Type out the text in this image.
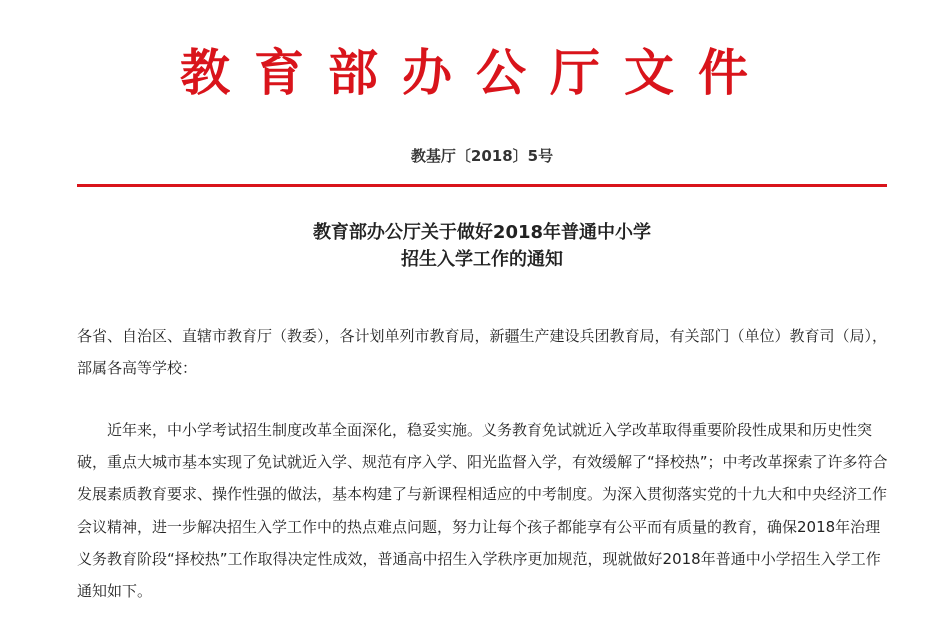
教育部办公厅文件
教基厅〔2018〕5号
教育部办公厅关于做好2018年普通中小学
招生入学工作的通知

各省、自治区、直辖市教育厅（教委），各计划单列市教育局，新疆生产建设兵团教育局，有关部门（单位）教育司（局），部属各高等学校：

近年来，中小学考试招生制度改革全面深化，稳妥实施。义务教育免试就近入学改革取得重要阶段性成果和历史性突破，重点大城市基本实现了免试就近入学、规范有序入学、阳光监督入学，有效缓解了“择校热”；中考改革探索了许多符合发展素质教育要求、操作性强的做法，基本构建了与新课程相适应的中考制度。为深入贯彻落实党的十九大和中央经济工作会议精神，进一步解决招生入学工作中的热点难点问题，努力让每个孩子都能享有公平而有质量的教育，确保2018年治理义务教育阶段“择校热”工作取得决定性成效，普通高中招生入学秩序更加规范，现就做好2018年普通中小学招生入学工作通知如下。
